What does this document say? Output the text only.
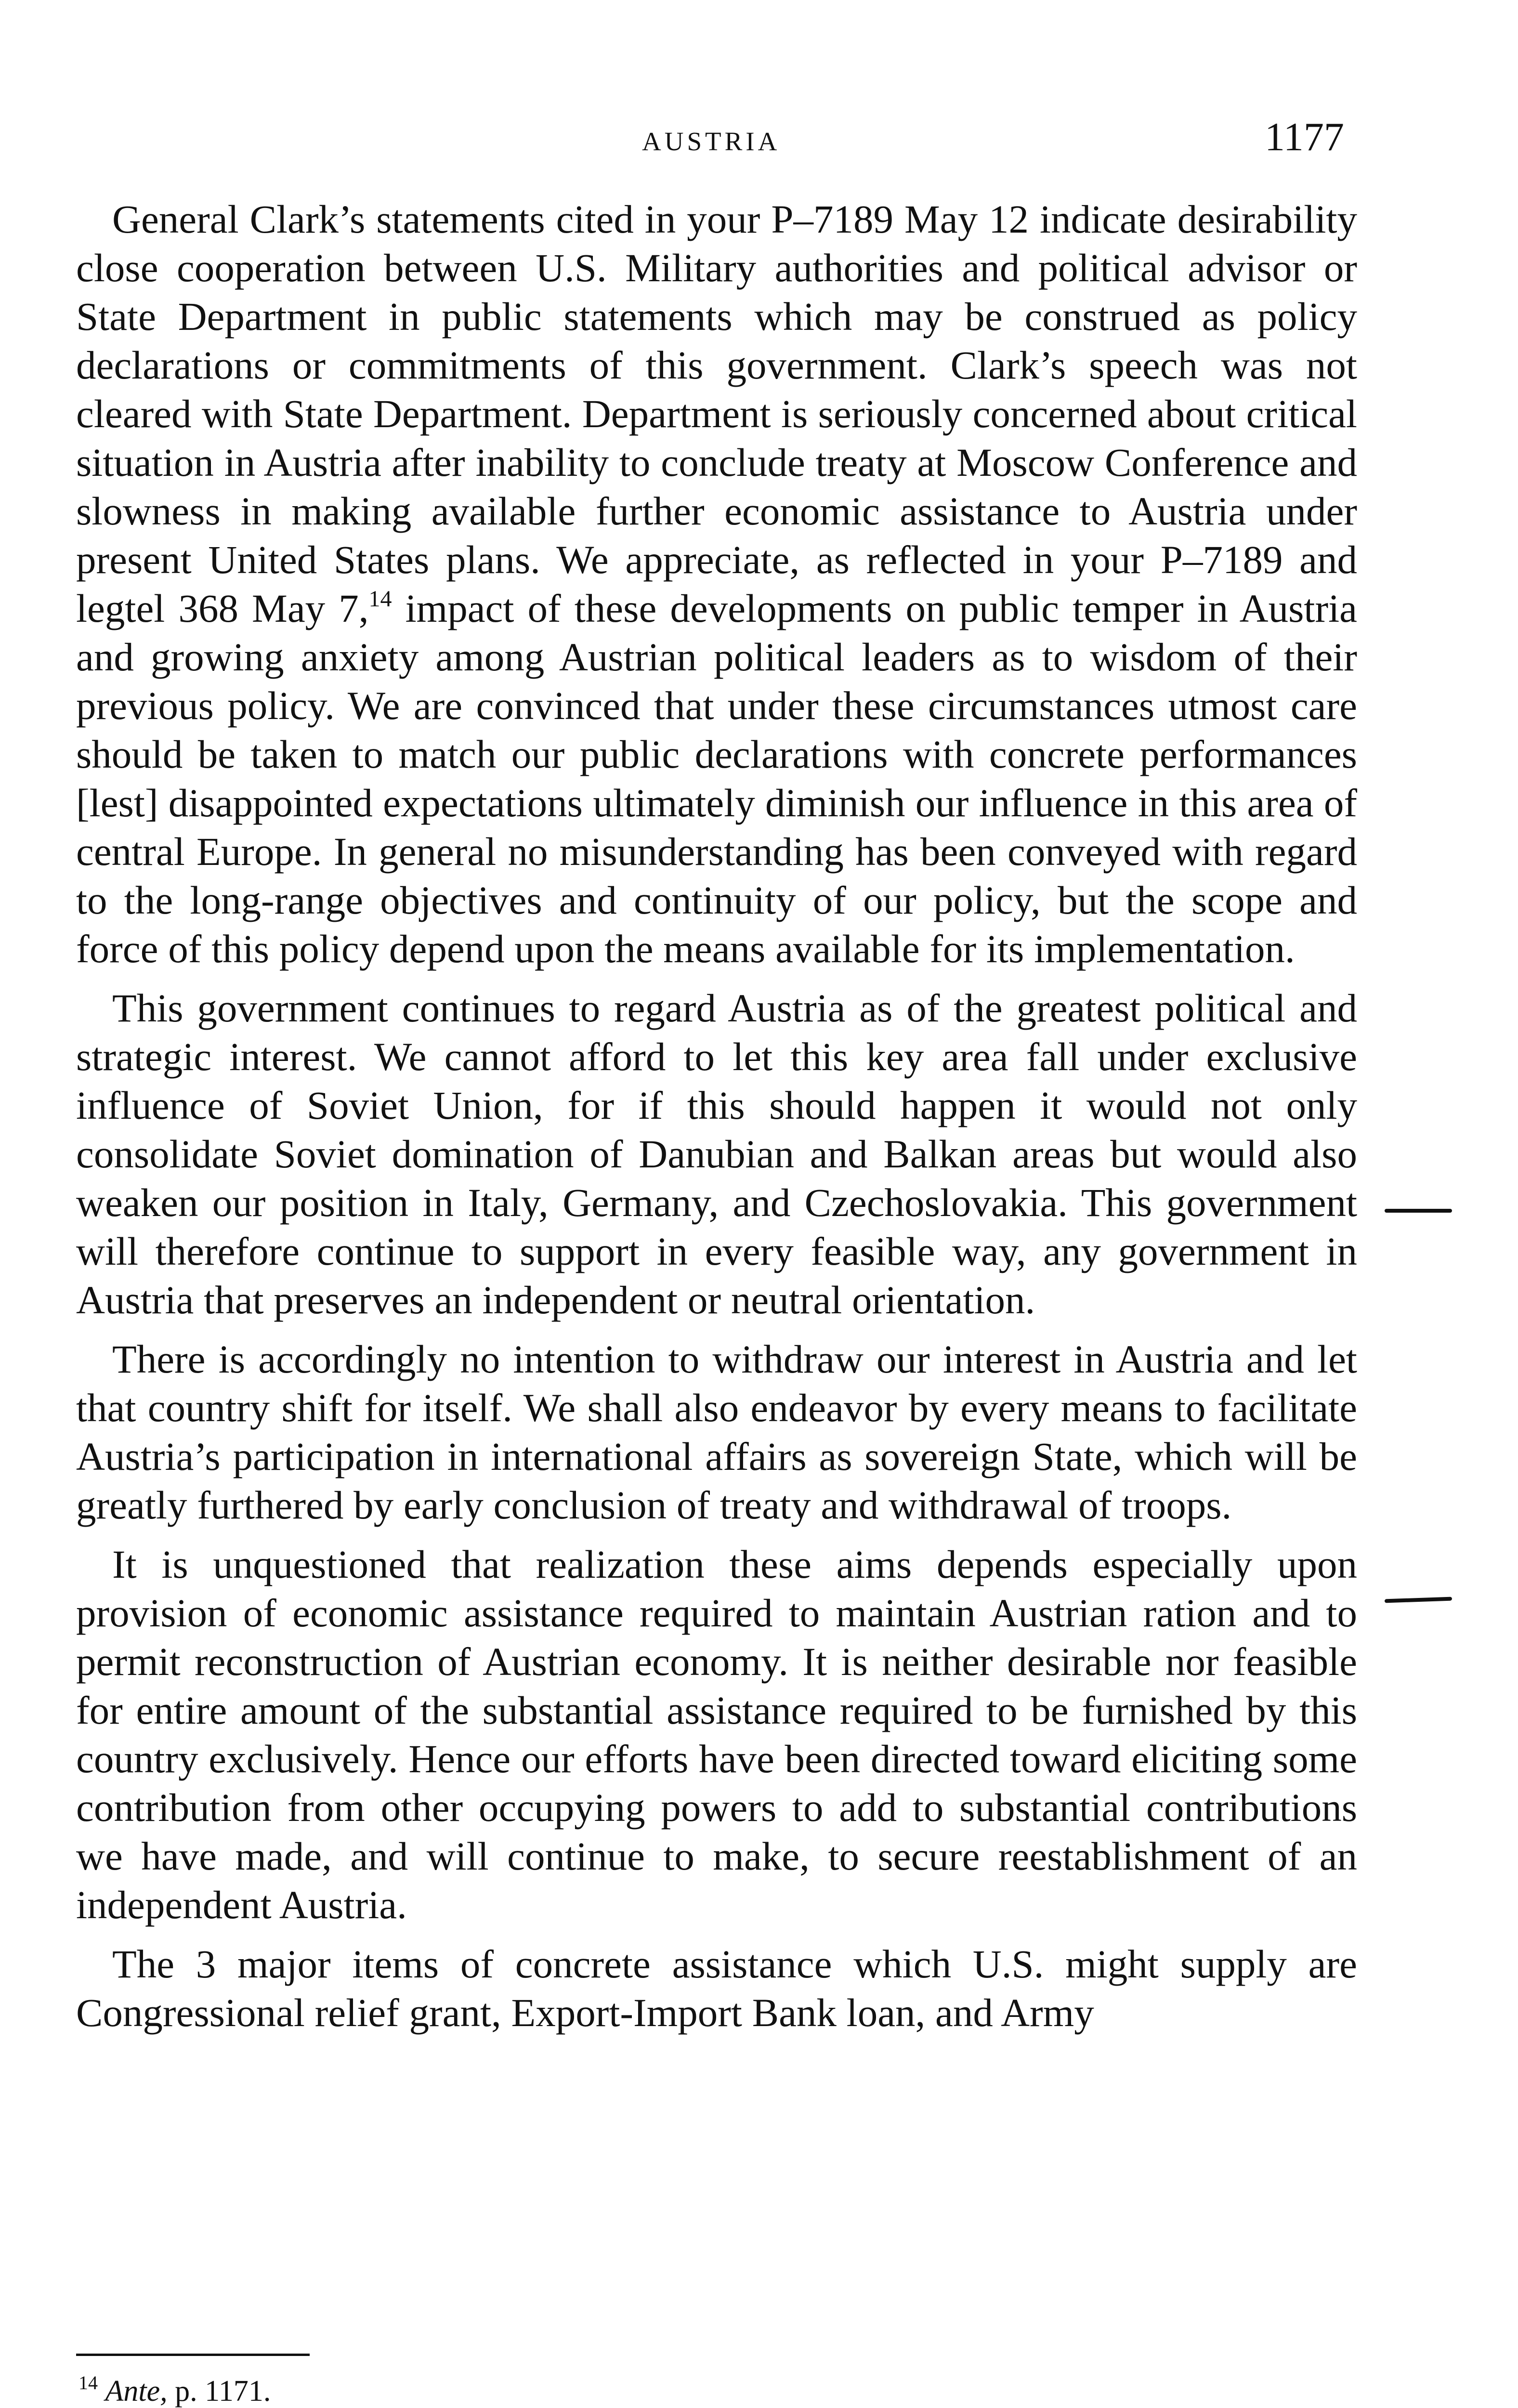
AUSTRIA	1177

General Clark’s statements cited in your P–7189 May 12 indicate desirability close cooperation between U.S. Military authorities and political advisor or State Department in public statements which may be construed as policy declarations or commitments of this government. Clark’s speech was not cleared with State Department. Department is seriously concerned about critical situation in Austria after inability to conclude treaty at Moscow Conference and slowness in making available further economic assistance to Austria under present United States plans. We appreciate, as reflected in your P–7189 and legtel 368 May 7,14 impact of these developments on public temper in Austria and growing anxiety among Austrian political leaders as to wisdom of their previous policy. We are convinced that under these circumstances utmost care should be taken to match our public declarations with concrete performances [lest] disappointed expectations ultimately diminish our influence in this area of central Europe. In general no misunderstanding has been conveyed with regard to the long-range objectives and continuity of our policy, but the scope and force of this policy depend upon the means available for its implementation.

This government continues to regard Austria as of the greatest political and strategic interest. We cannot afford to let this key area fall under exclusive influence of Soviet Union, for if this should happen it would not only consolidate Soviet domination of Danubian and Balkan areas but would also weaken our position in Italy, Germany, and Czechoslovakia. This government will therefore continue to support in every feasible way, any government in Austria that preserves an independent or neutral orientation.

There is accordingly no intention to withdraw our interest in Austria and let that country shift for itself. We shall also endeavor by every means to facilitate Austria’s participation in international affairs as sovereign State, which will be greatly furthered by early conclusion of treaty and withdrawal of troops.

It is unquestioned that realization these aims depends especially upon provision of economic assistance required to maintain Austrian ration and to permit reconstruction of Austrian economy. It is neither desirable nor feasible for entire amount of the substantial assistance required to be furnished by this country exclusively. Hence our efforts have been directed toward eliciting some contribution from other occupying powers to add to substantial contributions we have made, and will continue to make, to secure reestablishment of an independent Austria.

The 3 major items of concrete assistance which U.S. might supply are Congressional relief grant, Export-Import Bank loan, and Army

$^{14}$ Ante, p. 1171.
